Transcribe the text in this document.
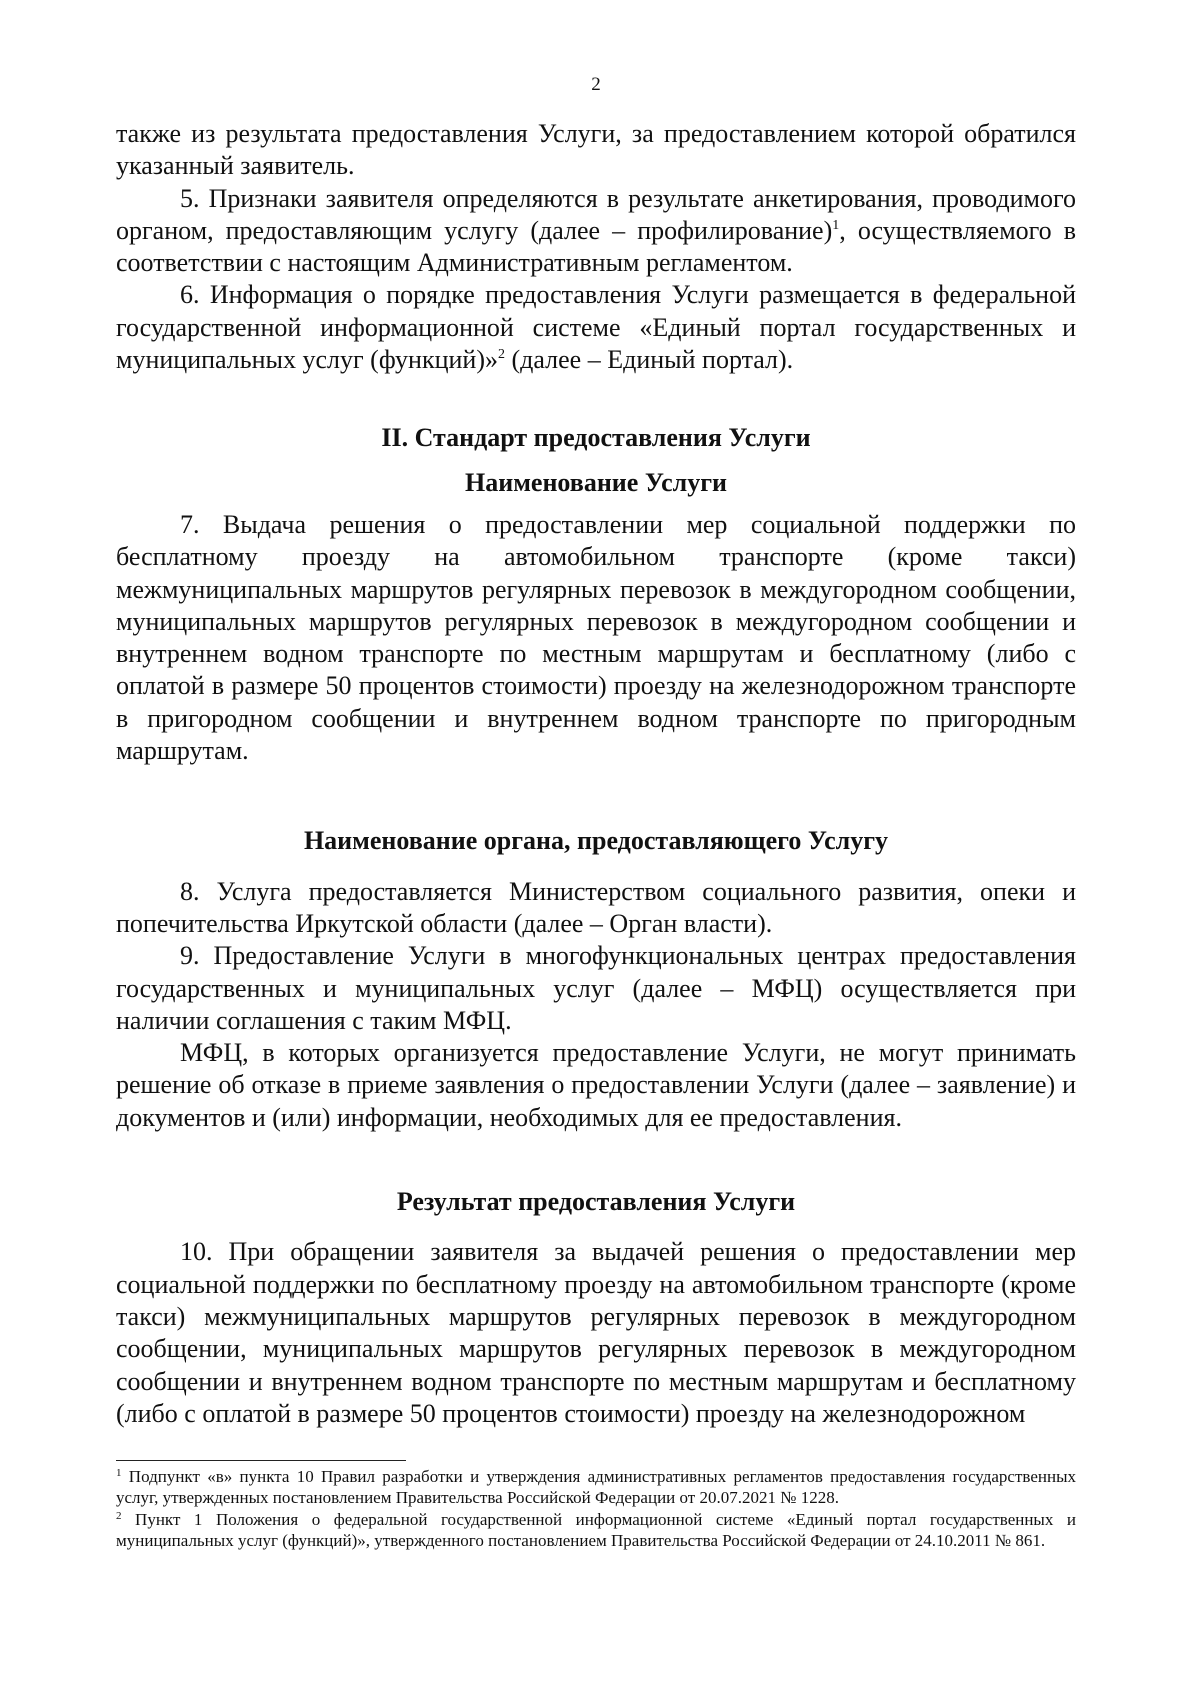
2

также из результата предоставления Услуги, за предоставлением которой обратился указанный заявитель.

5. Признаки заявителя определяются в результате анкетирования, проводимого органом, предоставляющим услугу (далее – профилирование)$^1$, осуществляемого в соответствии с настоящим Административным регламентом.

6. Информация о порядке предоставления Услуги размещается в федеральной государственной информационной системе «Единый портал государственных и муниципальных услуг (функций)»$^2$ (далее – Единый портал).

II. Стандарт предоставления Услуги

Наименование Услуги

7. Выдача решения о предоставлении мер социальной поддержки по бесплатному проезду на автомобильном транспорте (кроме такси) межмуниципальных маршрутов регулярных перевозок в междугородном сообщении, муниципальных маршрутов регулярных перевозок в междугородном сообщении и внутреннем водном транспорте по местным маршрутам и бесплатному (либо с оплатой в размере 50 процентов стоимости) проезду на железнодорожном транспорте в пригородном сообщении и внутреннем водном транспорте по пригородным маршрутам.

Наименование органа, предоставляющего Услугу

8. Услуга предоставляется Министерством социального развития, опеки и попечительства Иркутской области (далее – Орган власти).

9. Предоставление Услуги в многофункциональных центрах предоставления государственных и муниципальных услуг (далее – МФЦ) осуществляется при наличии соглашения с таким МФЦ.

МФЦ, в которых организуется предоставление Услуги, не могут принимать решение об отказе в приеме заявления о предоставлении Услуги (далее – заявление) и документов и (или) информации, необходимых для ее предоставления.

Результат предоставления Услуги

10. При обращении заявителя за выдачей решения о предоставлении мер социальной поддержки по бесплатному проезду на автомобильном транспорте (кроме такси) межмуниципальных маршрутов регулярных перевозок в междугородном сообщении, муниципальных маршрутов регулярных перевозок в междугородном сообщении и внутреннем водном транспорте по местным маршрутам и бесплатному (либо с оплатой в размере 50 процентов стоимости) проезду на железнодорожном

$^1$ Подпункт «в» пункта 10 Правил разработки и утверждения административных регламентов предоставления государственных услуг, утвержденных постановлением Правительства Российской Федерации от 20.07.2021 № 1228.

$^2$ Пункт 1 Положения о федеральной государственной информационной системе «Единый портал государственных и муниципальных услуг (функций)», утвержденного постановлением Правительства Российской Федерации от 24.10.2011 № 861.
